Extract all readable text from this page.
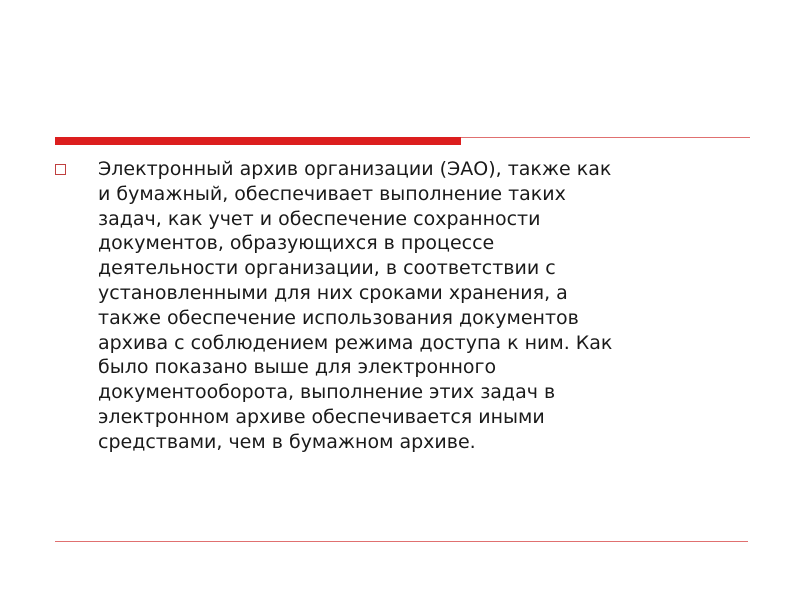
Электронный архив организации (ЭАО), также как
и бумажный, обеспечивает выполнение таких
задач, как учет и обеспечение сохранности
документов, образующихся в процессе
деятельности организации, в соответствии с
установленными для них сроками хранения, а
также обеспечение использования документов
архива с соблюдением режима доступа к ним. Как
было показано выше для электронного
документооборота, выполнение этих задач в
электронном архиве обеспечивается иными
средствами, чем в бумажном архиве.
